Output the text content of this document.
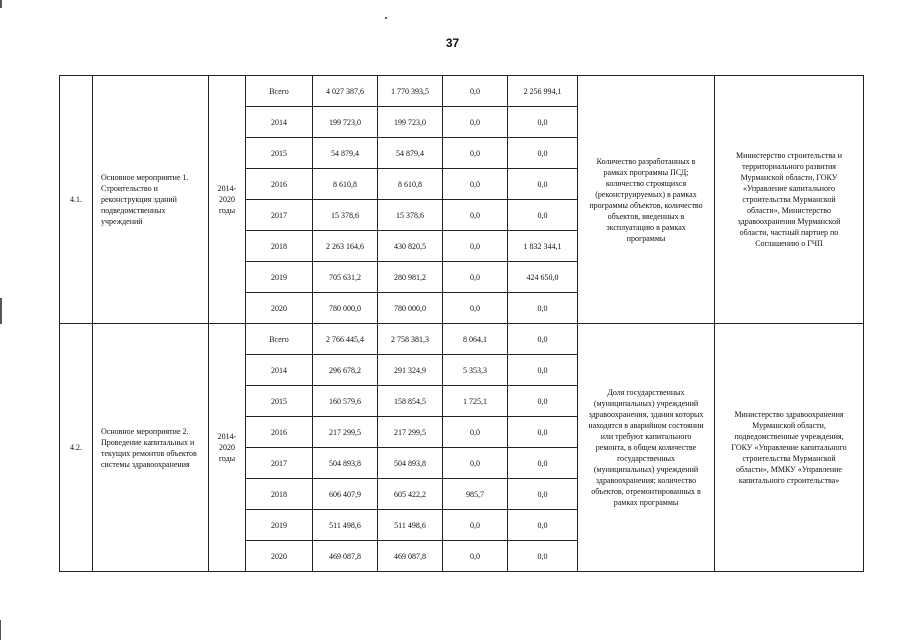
37
4.1.	Основное мероприятие 1. Строительство и реконструкция зданий подведомственных учреждений	2014-2020 годы	Всего	4 027 387,6	1 770 393,5	0,0	2 256 994,1	Количество разработанных в рамках программы ПСД; количество строящихся (реконструируемых) в рамках программы объектов, количество объектов, введенных в эксплуатацию в рамках программы	Министерство строительства и территориального развития Мурманской области, ГОКУ «Управление капитального строительства Мурманской области», Министерство здравоохранения Мурманской области, частный партнер по Соглашению о ГЧП
			2014	199 723,0	199 723,0	0,0	0,0		
			2015	54 879,4	54 879,4	0,0	0,0		
			2016	8 610,8	8 610,8	0,0	0,0		
			2017	15 378,6	15 378,6	0,0	0,0		
			2018	2 263 164,6	430 820,5	0,0	1 832 344,1		
			2019	705 631,2	280 981,2	0,0	424 650,0		
			2020	780 000,0	780 000,0	0,0	0,0		
4.2.	Основное мероприятие 2. Проведение капитальных и текущих ремонтов объектов системы здравоохранения	2014-2020 годы	Всего	2 766 445,4	2 758 381,3	8 064,1	0,0	Доля государственных (муниципальных) учреждений здравоохранения, здания которых находятся в аварийном состоянии или требуют капитального ремонта, в общем количестве государственных (муниципальных) учреждений здравоохранения; количество объектов, отремонтированных в рамках программы	Министерство здравоохранения Мурманской области, подведомственные учреждения, ГОКУ «Управление капитального строительства Мурманской области», ММКУ «Управление капитального строительства»
			2014	296 678,2	291 324,9	5 353,3	0,0		
			2015	160 579,6	158 854,5	1 725,1	0,0		
			2016	217 299,5	217 299,5	0,0	0,0		
			2017	504 893,8	504 893,8	0,0	0,0		
			2018	606 407,9	605 422,2	985,7	0,0		
			2019	511 498,6	511 498,6	0,0	0,0		
			2020	469 087,8	469 087,8	0,0	0,0		
